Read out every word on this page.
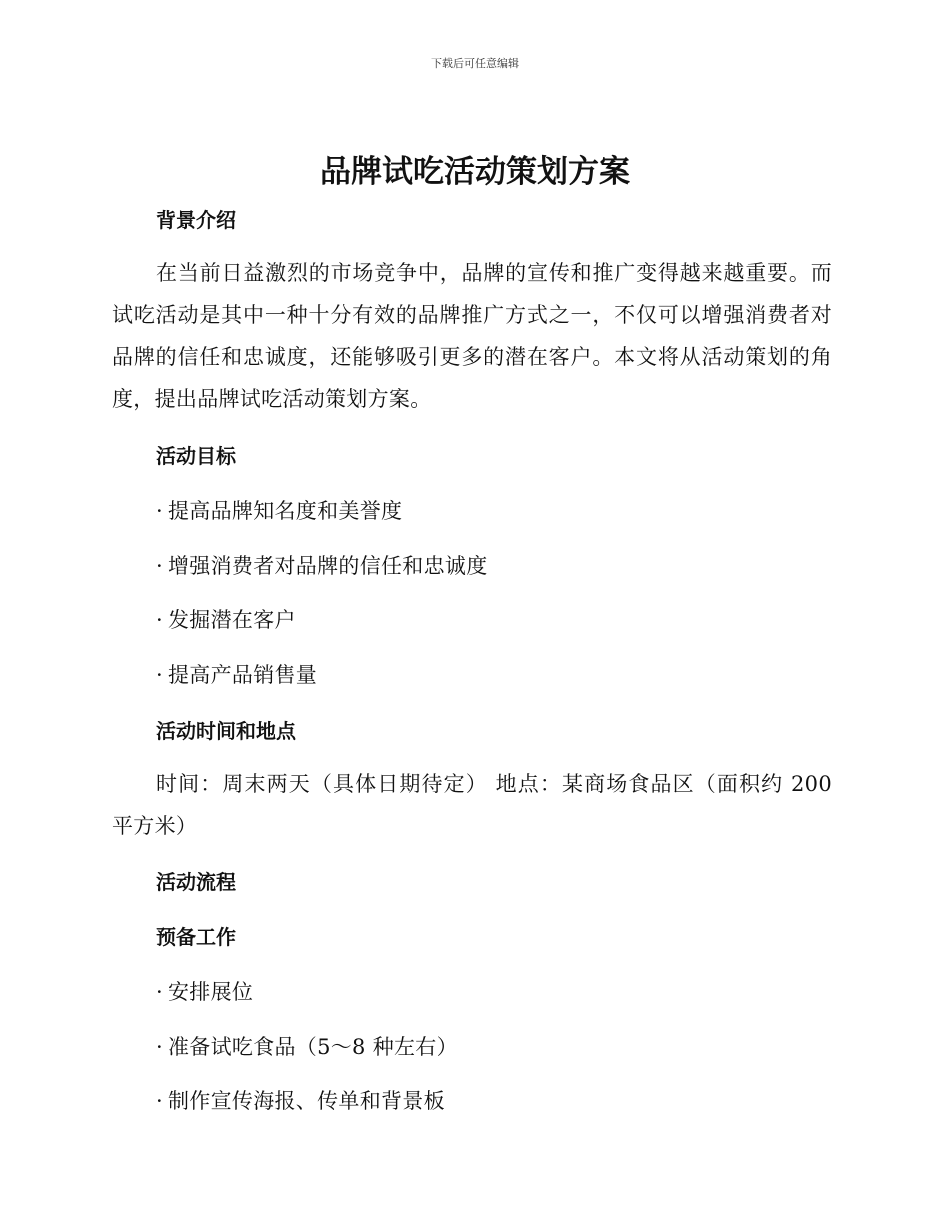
下载后可任意编辑
品牌试吃活动策划方案
背景介绍
在当前日益激烈的市场竞争中，品牌的宣传和推广变得越来越重要。而试吃活动是其中一种十分有效的品牌推广方式之一，不仅可以增强消费者对品牌的信任和忠诚度，还能够吸引更多的潜在客户。本文将从活动策划的角度，提出品牌试吃活动策划方案。
活动目标
· 提高品牌知名度和美誉度
· 增强消费者对品牌的信任和忠诚度
· 发掘潜在客户
· 提高产品销售量
活动时间和地点
时间：周末两天（具体日期待定） 地点：某商场食品区（面积约 200 平方米）
活动流程
预备工作
· 安排展位
· 准备试吃食品（5～8 种左右）
· 制作宣传海报、传单和背景板
